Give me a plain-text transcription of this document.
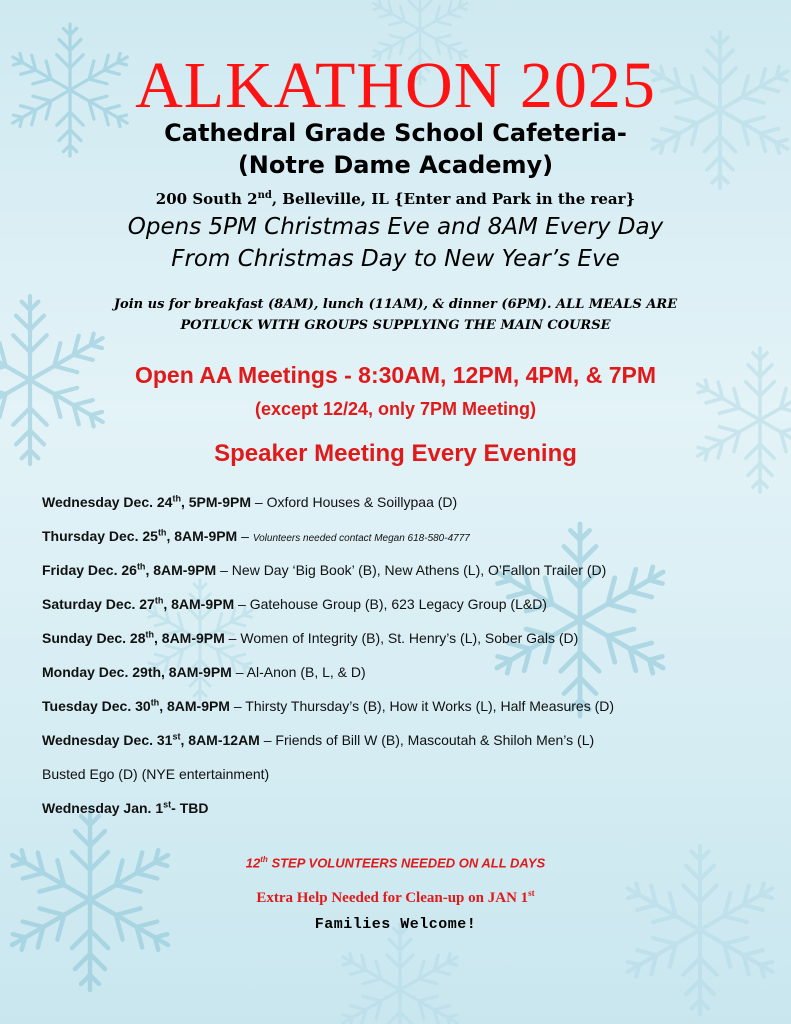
ALKATHON 2025
Cathedral Grade School Cafeteria-
(Notre Dame Academy)
200 South 2nd, Belleville, IL {Enter and Park in the rear}
Opens 5PM Christmas Eve and 8AM Every Day
From Christmas Day to New Year’s Eve
Join us for breakfast (8AM), lunch (11AM), & dinner (6PM). ALL MEALS ARE
POTLUCK WITH GROUPS SUPPLYING THE MAIN COURSE
Open AA Meetings - 8:30AM, 12PM, 4PM, & 7PM
(except 12/24, only 7PM Meeting)
Speaker Meeting Every Evening
Wednesday Dec. 24th, 5PM-9PM – Oxford Houses & Soillypaa (D)
Thursday Dec. 25th, 8AM-9PM – Volunteers needed contact Megan 618-580-4777
Friday Dec. 26th, 8AM-9PM – New Day ‘Big Book’ (B), New Athens (L), O’Fallon Trailer (D)
Saturday Dec. 27th, 8AM-9PM – Gatehouse Group (B), 623 Legacy Group (L&D)
Sunday Dec. 28th, 8AM-9PM – Women of Integrity (B), St. Henry’s (L), Sober Gals (D)
Monday Dec. 29th, 8AM-9PM – Al-Anon (B, L, & D)
Tuesday Dec. 30th, 8AM-9PM – Thirsty Thursday’s (B), How it Works (L), Half Measures (D)
Wednesday Dec. 31st, 8AM-12AM – Friends of Bill W (B), Mascoutah & Shiloh Men’s (L)
Busted Ego (D) (NYE entertainment)
Wednesday Jan. 1st- TBD
12th STEP VOLUNTEERS NEEDED ON ALL DAYS
Extra Help Needed for Clean-up on JAN 1st
Families Welcome!
